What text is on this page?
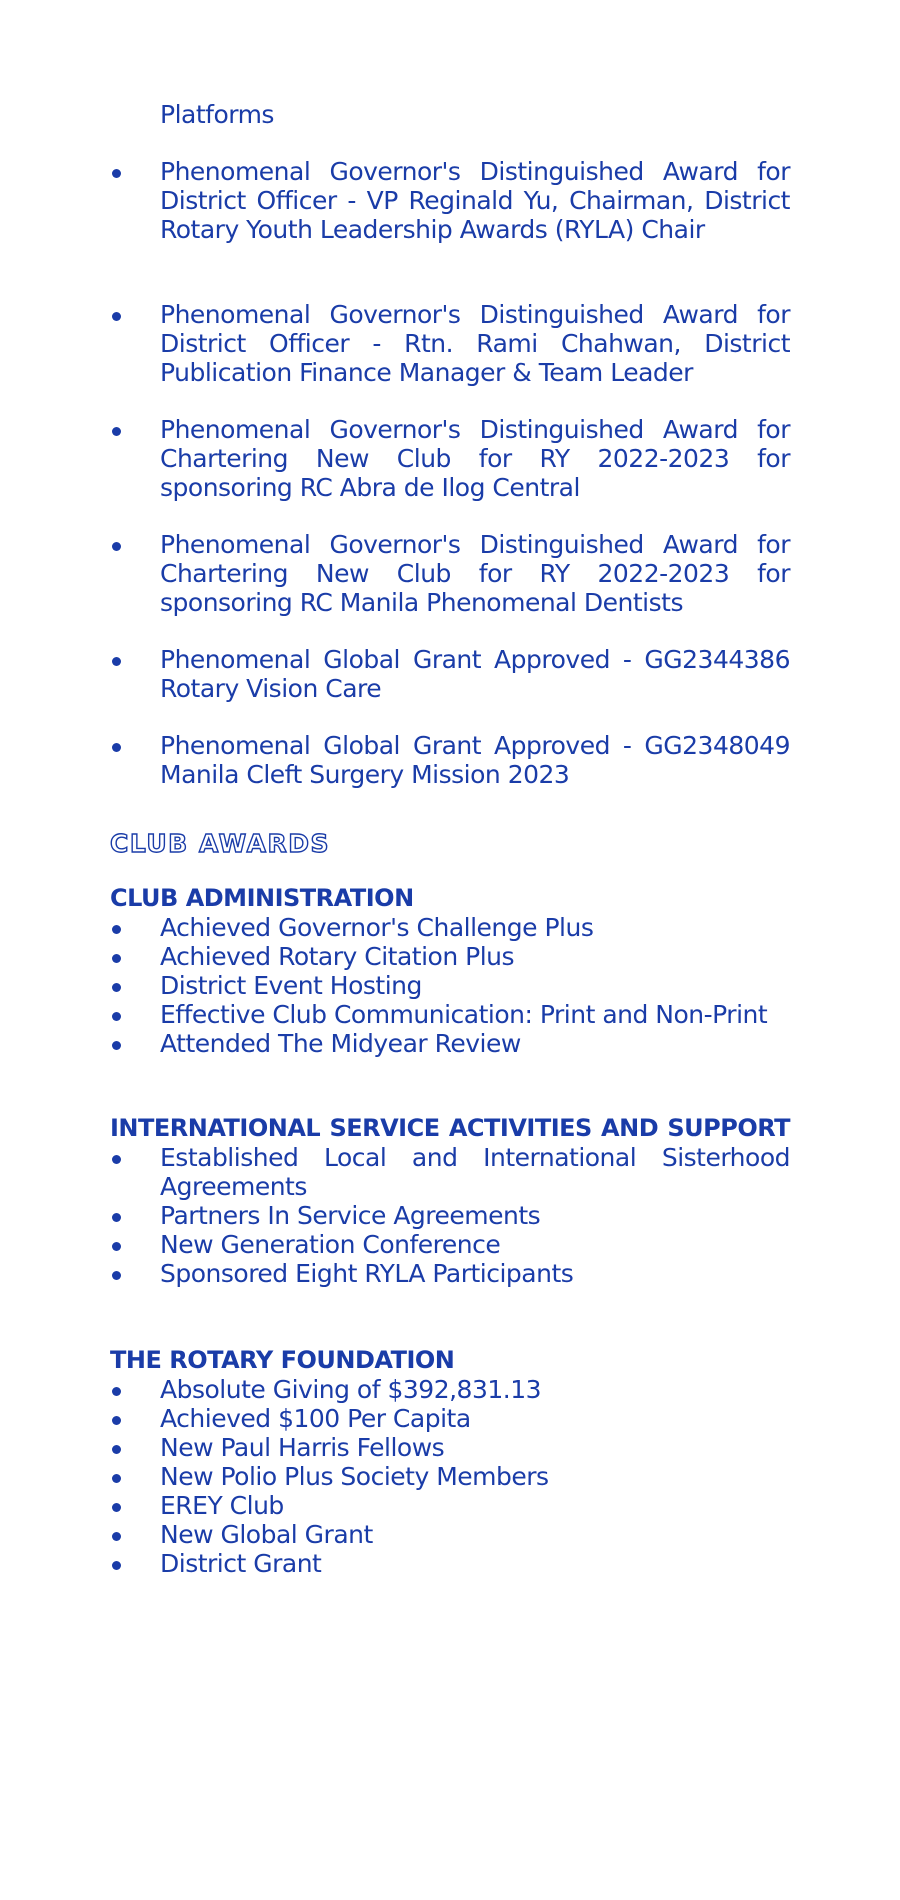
Platforms

Phenomenal Governor's Distinguished Award for District Officer - VP Reginald Yu, Chairman, District Rotary Youth Leadership Awards (RYLA) Chair
Phenomenal Governor's Distinguished Award for District Officer - Rtn. Rami Chahwan, District Publication Finance Manager & Team Leader
Phenomenal Governor's Distinguished Award for Chartering New Club for RY 2022-2023 for sponsoring RC Abra de Ilog Central
Phenomenal Governor's Distinguished Award for Chartering New Club for RY 2022-2023 for sponsoring RC Manila Phenomenal Dentists
Phenomenal Global Grant Approved - GG2344386 Rotary Vision Care
Phenomenal Global Grant Approved - GG2348049 Manila Cleft Surgery Mission 2023
CLUB AWARDS
CLUB ADMINISTRATION
Achieved Governor's Challenge Plus
Achieved Rotary Citation Plus
District Event Hosting
Effective Club Communication: Print and Non-Print
Attended The Midyear Review
INTERNATIONAL SERVICE ACTIVITIES AND SUPPORT
Established Local and International Sisterhood Agreements
Partners In Service Agreements
New Generation Conference
Sponsored Eight RYLA Participants
THE ROTARY FOUNDATION
Absolute Giving of $392,831.13
Achieved $100 Per Capita
New Paul Harris Fellows
New Polio Plus Society Members
EREY Club
New Global Grant
District Grant
